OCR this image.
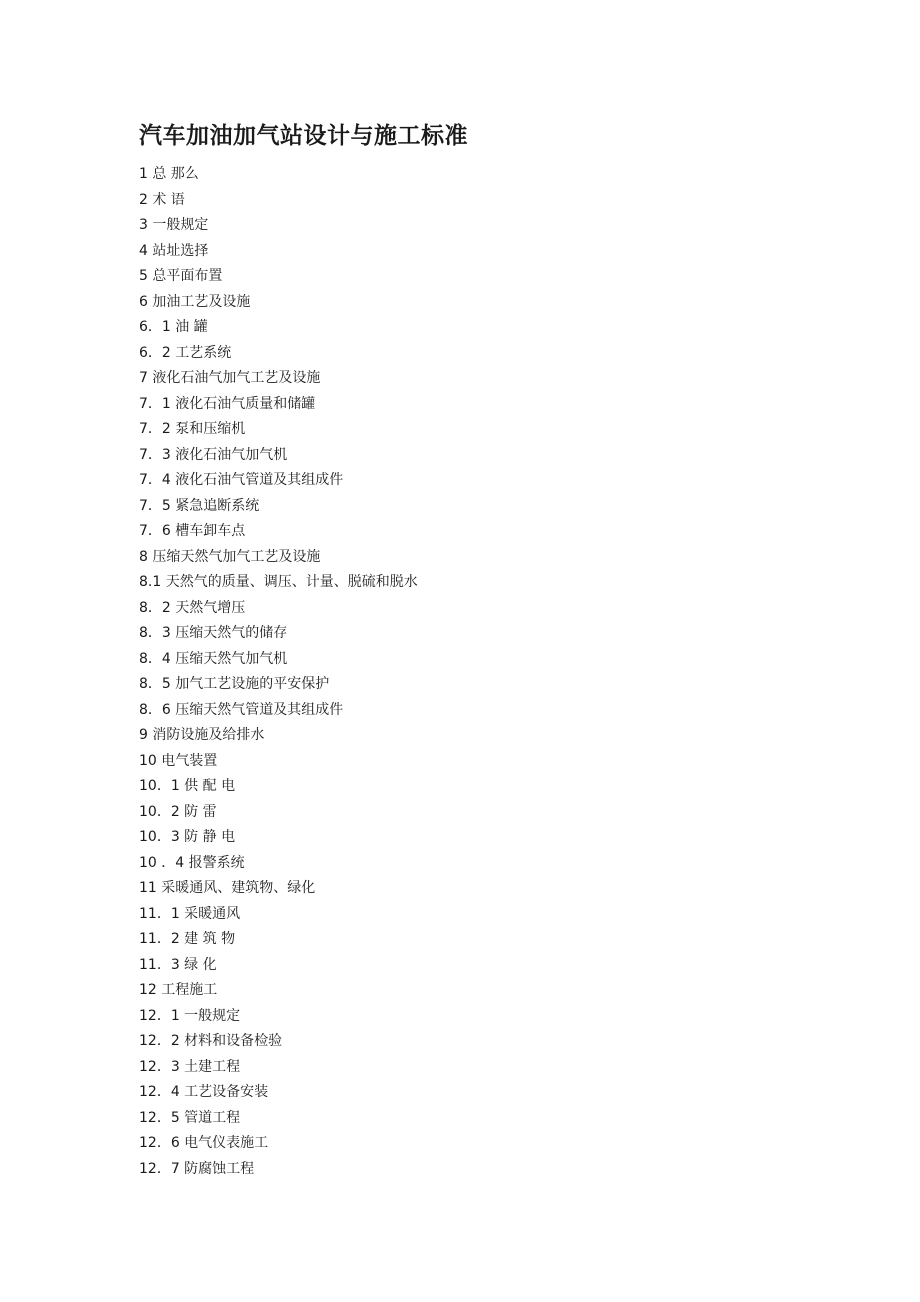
汽车加油加气站设计与施工标准
1 总 那么
2 术 语
3 一般规定
4 站址选择
5 总平面布置
6 加油工艺及设施
6．1 油 罐
6．2 工艺系统
7 液化石油气加气工艺及设施
7．1 液化石油气质量和储罐
7．2 泵和压缩机
7．3 液化石油气加气机
7．4 液化石油气管道及其组成件
7．5 紧急追断系统
7．6 槽车卸车点
8 压缩天然气加气工艺及设施
8.1 天然气的质量、调压、计量、脱硫和脱水
8．2 天然气增压
8．3 压缩天然气的储存
8．4 压缩天然气加气机
8．5 加气工艺设施的平安保护
8．6 压缩天然气管道及其组成件
9 消防设施及给排水
10 电气装置
10．1 供 配 电
10．2 防 雷
10．3 防 静 电
10 ．4 报警系统
11 采暖通风、建筑物、绿化
11．1 采暖通风
11．2 建 筑 物
11．3 绿 化
12 工程施工
12．1 一般规定
12．2 材料和设备检验
12．3 土建工程
12．4 工艺设备安装
12．5 管道工程
12．6 电气仪表施工
12．7 防腐蚀工程
